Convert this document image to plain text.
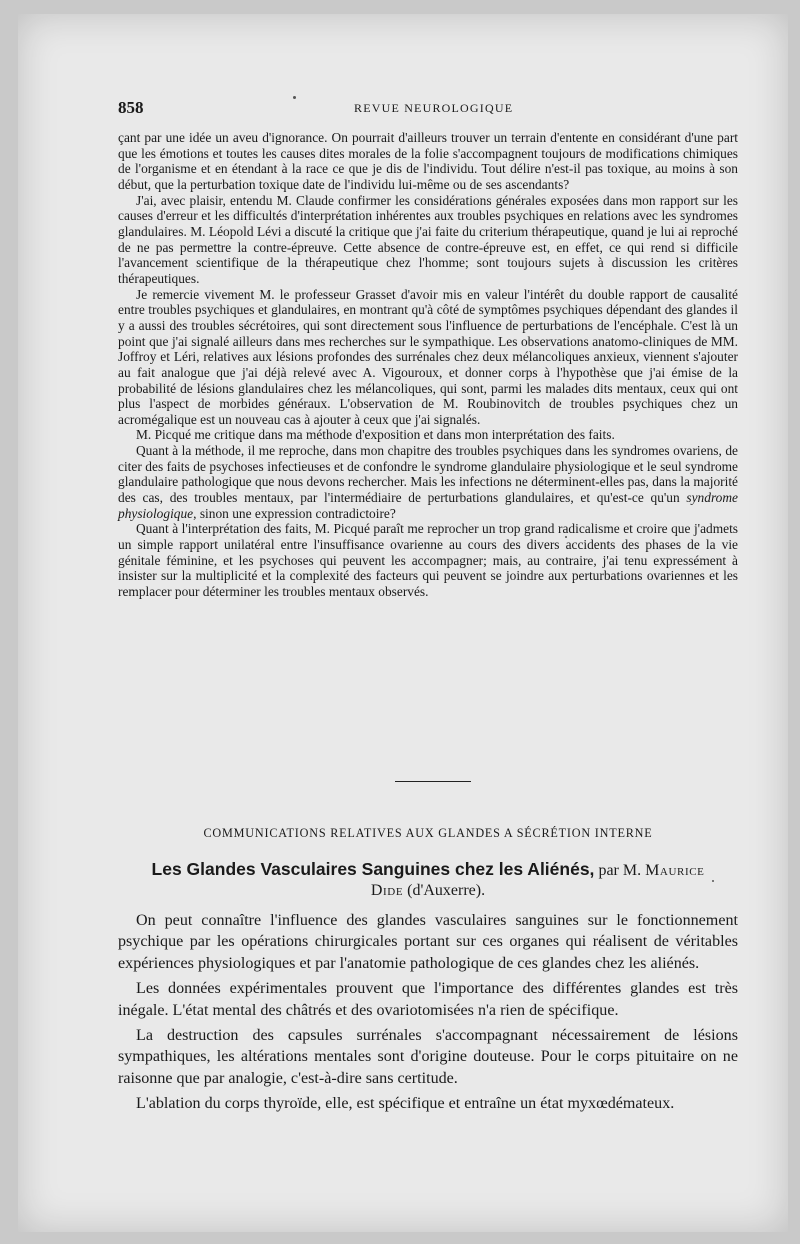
858	REVUE NEUROLOGIQUE

çant par une idée un aveu d'ignorance. On pourrait d'ailleurs trouver un terrain d'entente en considérant d'une part que les émotions et toutes les causes dites morales de la folie s'accompagnent toujours de modifications chimiques de l'organisme et en étendant à la race ce que je dis de l'individu. Tout délire n'est-il pas toxique, au moins à son début, que la perturbation toxique date de l'individu lui-même ou de ses ascendants?

J'ai, avec plaisir, entendu M. Claude confirmer les considérations générales exposées dans mon rapport sur les causes d'erreur et les difficultés d'interprétation inhérentes aux troubles psychiques en relations avec les syndromes glandulaires. M. Léopold Lévi a discuté la critique que j'ai faite du criterium thérapeutique, quand je lui ai reproché de ne pas permettre la contre-épreuve. Cette absence de contre-épreuve est, en effet, ce qui rend si difficile l'avancement scientifique de la thérapeutique chez l'homme; sont toujours sujets à discussion les critères thérapeutiques.

Je remercie vivement M. le professeur Grasset d'avoir mis en valeur l'intérêt du double rapport de causalité entre troubles psychiques et glandulaires, en montrant qu'à côté de symptômes psychiques dépendant des glandes il y a aussi des troubles sécrétoires, qui sont directement sous l'influence de perturbations de l'encéphale. C'est là un point que j'ai signalé ailleurs dans mes recherches sur le sympathique. Les observations anatomo-cliniques de MM. Joffroy et Léri, relatives aux lésions profondes des surrénales chez deux mélancoliques anxieux, viennent s'ajouter au fait analogue que j'ai déjà relevé avec A. Vigouroux, et donner corps à l'hypothèse que j'ai émise de la probabilité de lésions glandulaires chez les mélancoliques, qui sont, parmi les malades dits mentaux, ceux qui ont plus l'aspect de morbides généraux. L'observation de M. Roubinovitch de troubles psychiques chez un acromégalique est un nouveau cas à ajouter à ceux que j'ai signalés.

M. Picqué me critique dans ma méthode d'exposition et dans mon interprétation des faits.

Quant à la méthode, il me reproche, dans mon chapitre des troubles psychiques dans les syndromes ovariens, de citer des faits de psychoses infectieuses et de confondre le syndrome glandulaire physiologique et le seul syndrome glandulaire pathologique que nous devons rechercher. Mais les infections ne déterminent-elles pas, dans la majorité des cas, des troubles mentaux, par l'intermédiaire de perturbations glandulaires, et qu'est-ce qu'un syndrome physiologique, sinon une expression contradictoire?

Quant à l'interprétation des faits, M. Picqué paraît me reprocher un trop grand radicalisme et croire que j'admets un simple rapport unilatéral entre l'insuffisance ovarienne au cours des divers accidents des phases de la vie génitale féminine, et les psychoses qui peuvent les accompagner; mais, au contraire, j'ai tenu expressément à insister sur la multiplicité et la complexité des facteurs qui peuvent se joindre aux perturbations ovariennes et les remplacer pour déterminer les troubles mentaux observés.

COMMUNICATIONS RELATIVES AUX GLANDES A SÉCRÉTION INTERNE
Les Glandes Vasculaires Sanguines chez les Aliénés, par M. Maurice
Dide (d'Auxerre).

On peut connaître l'influence des glandes vasculaires sanguines sur le fonctionnement psychique par les opérations chirurgicales portant sur ces organes qui réalisent de véritables expériences physiologiques et par l'anatomie pathologique de ces glandes chez les aliénés.

Les données expérimentales prouvent que l'importance des différentes glandes est très inégale. L'état mental des châtrés et des ovariotomisées n'a rien de spécifique.

La destruction des capsules surrénales s'accompagnant nécessairement de lésions sympathiques, les altérations mentales sont d'origine douteuse. Pour le corps pituitaire on ne raisonne que par analogie, c'est-à-dire sans certitude.

L'ablation du corps thyroïde, elle, est spécifique et entraîne un état myxœdémateux.
